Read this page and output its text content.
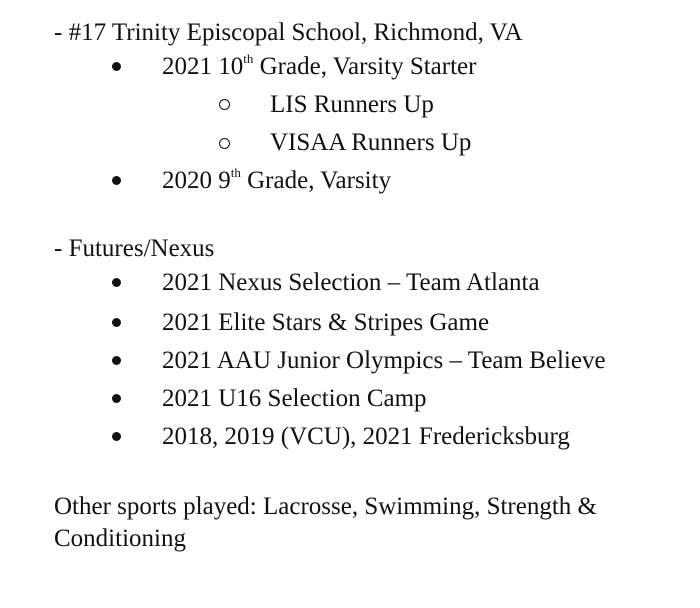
- #17 Trinity Episcopal School, Richmond, VA
2021 10th Grade, Varsity Starter
LIS Runners Up
VISAA Runners Up
2020 9th Grade, Varsity
- Futures/Nexus
2021 Nexus Selection – Team Atlanta
2021 Elite Stars & Stripes Game
2021 AAU Junior Olympics – Team Believe
2021 U16 Selection Camp
2018, 2019 (VCU), 2021 Fredericksburg
Other sports played: Lacrosse, Swimming, Strength &
Conditioning
